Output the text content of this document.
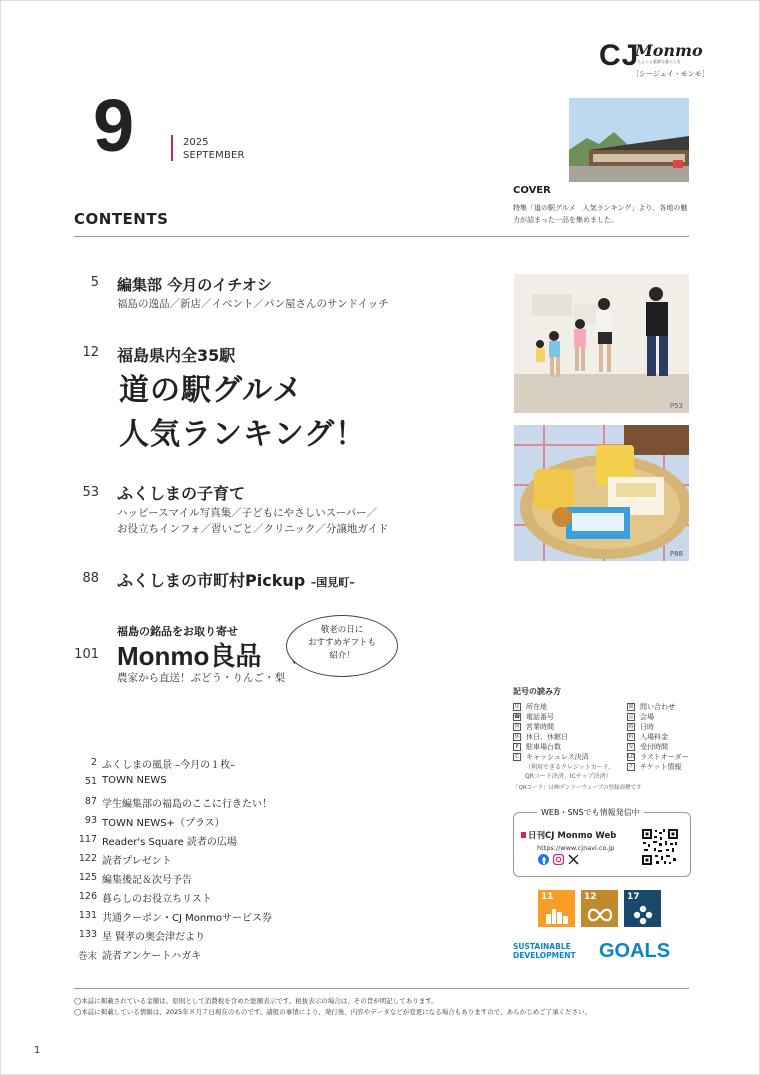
CJ
Monmo
ちょっと素敵な暮らしを
［シージェイ・モンモ］
9	2025
SEPTEMBER
COVER
特集「道の駅グルメ　人気ランキング」より、各地の魅
力が詰まった一品を集めました。
CONTENTS
5 編集部 今月のイチオシ
福島の逸品／新店／イベント／パン屋さんのサンドイッチ
12 福島県内全35駅
道の駅グルメ
人気ランキング！
53 ふくしまの子育て
ハッピースマイル写真集／子どもにやさしいスーパー／
お役立ちインフォ／習いごと／クリニック／分譲地ガイド
88 ふくしまの市町村Pickup –国見町–
101
福島の銘品をお取り寄せ
Monmo良品
農家から直送！ぶどう・りんご・梨
敬老の日に
おすすめギフトも
紹介！
P53
P88
2 ふくしまの風景 –今月の１枚–
51 TOWN NEWS
87 学生編集部の福島のここに行きたい！
93 TOWN NEWS+（プラス）
117 Reader's Square 読者の広場
122 読者プレゼント
125 編集後記＆次号予告
126 暮らしのお役立ちリスト
131 共通クーポン・CJ Monmoサービス券
133 星 賢孝の奥会津だより
巻末 読者アンケートハガキ
記号の読み方
住 所在地
☎ 電話番号
営 営業時間
休 休日、休館日
P	駐車場台数
C	キャッシュレス決済
（利用できるクレジットカード、
QRコード決済、ICチップ決済）
問 問い合わせ
会 会場
時 日時
料 入場料金
受 受付時間
LO ラストオーダー
チ チケット情報
「QRコード」は㈱デンソーウェーブの登録商標です
WEB・SNSでも情報発信中
日刊CJ Monmo Web
https://www.cjnavi.co.jp
11	12	17
SUSTAINABLE
DEVELOPMENT GOALS
◯本誌に掲載されている金額は、原則として消費税を含めた総額表示です。税抜表示の場合は、その旨が明記してあります。
◯本誌に掲載している情報は、2025年８月７日現在のものです。諸般の事情により、発行後、内容やデータなどが変更になる場合もありますので、あらかじめご了承ください。
1
